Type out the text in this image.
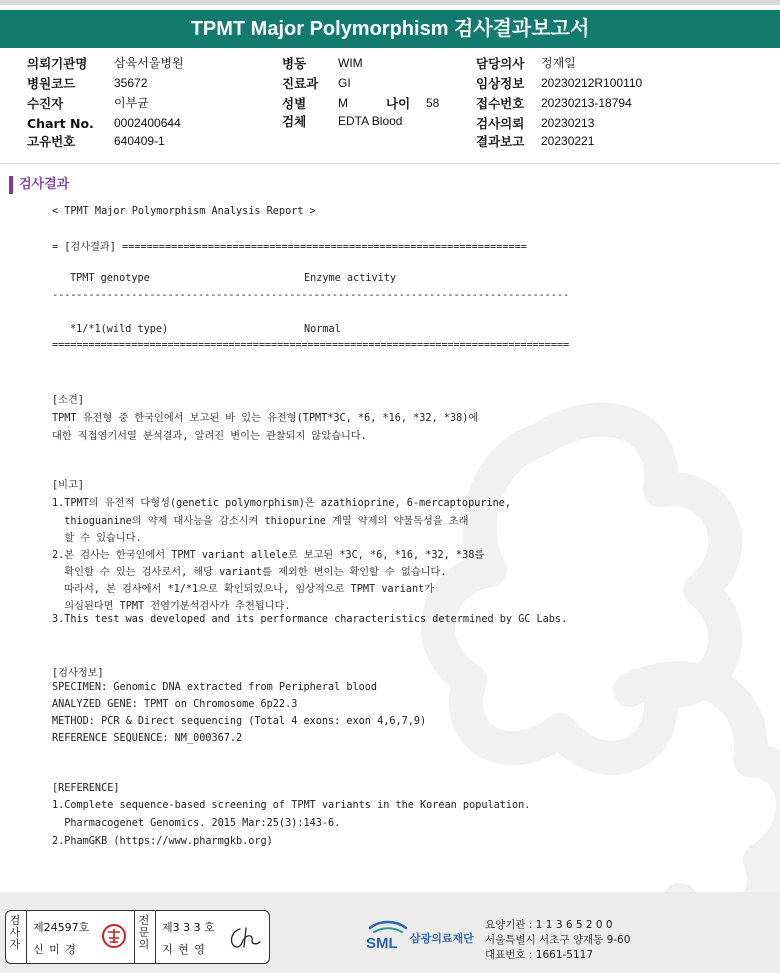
TPMT Major Polymorphism 검사결과보고서
의뢰기관명 삼육서울병원
병원코드	35672
수진자	이부균
Chart No. 0002400644
고유번호	640409-1
병동	WIM
진료과 GI
성별	M	나이 58
검체	EDTA Blood
담당의사 정재일
임상정보 20230212R100110
접수번호 20230213-18794
검사의뢰 20230213
결과보고 20230221
검사결과
< TPMT Major Polymorphism Analysis Report >
= [검사결과] ==================================================================
TPMT genotype	Enzyme activity
-------------------------------------------------------------------------------------
*1/*1(wild type)	Normal
=====================================================================================
[소견]
TPMT 유전형 중 한국인에서 보고된 바 있는 유전형(TPMT*3C, *6, *16, *32, *38)에
대한 직접염기서열 분석결과, 알려진 변이는 관찰되지 않았습니다.
[비고]
1.TPMT의 유전적 다형성(genetic polymorphism)은 azathioprine, 6-mercaptopurine,
thioguanine의 약제 대사능을 감소시켜 thiopurine 계열 약제의 약물독성을 초래
할 수 있습니다.
2.본 검사는 한국인에서 TPMT variant allele로 보고된 *3C, *6, *16, *32, *38를
확인할 수 있는 검사로서, 해당 variant를 제외한 변이는 확인할 수 없습니다.
따라서, 본 검사에서 *1/*1으로 확인되었으나, 임상적으로 TPMT variant가
의심된다면 TPMT 전염기분석검사가 추천됩니다.
3.This test was developed and its performance characteristics determined by GC Labs.
[검사정보]
SPECIMEN: Genomic DNA extracted from Peripheral blood
ANALYZED GENE: TPMT on Chromosome 6p22.3
METHOD: PCR & Direct sequencing (Total 4 exons: exon 4,6,7,9)
REFERENCE SEQUENCE: NM_000367.2
[REFERENCE]
1.Complete sequence-based screening of TPMT variants in the Korean population.
Pharmacogenet Genomics. 2015 Mar:25(3):143-6.
2.PhamGKB (https://www.pharmgkb.org)
검
사
자
제24597호
신 미 경
전
문
의
제3 3 3 호
지 현 영	SML 삼광의료재단
요양기관 : 1 1 3 6 5 2 0 0
서울특별시 서초구 양재동 9-60
대표번호 : 1661-5117
